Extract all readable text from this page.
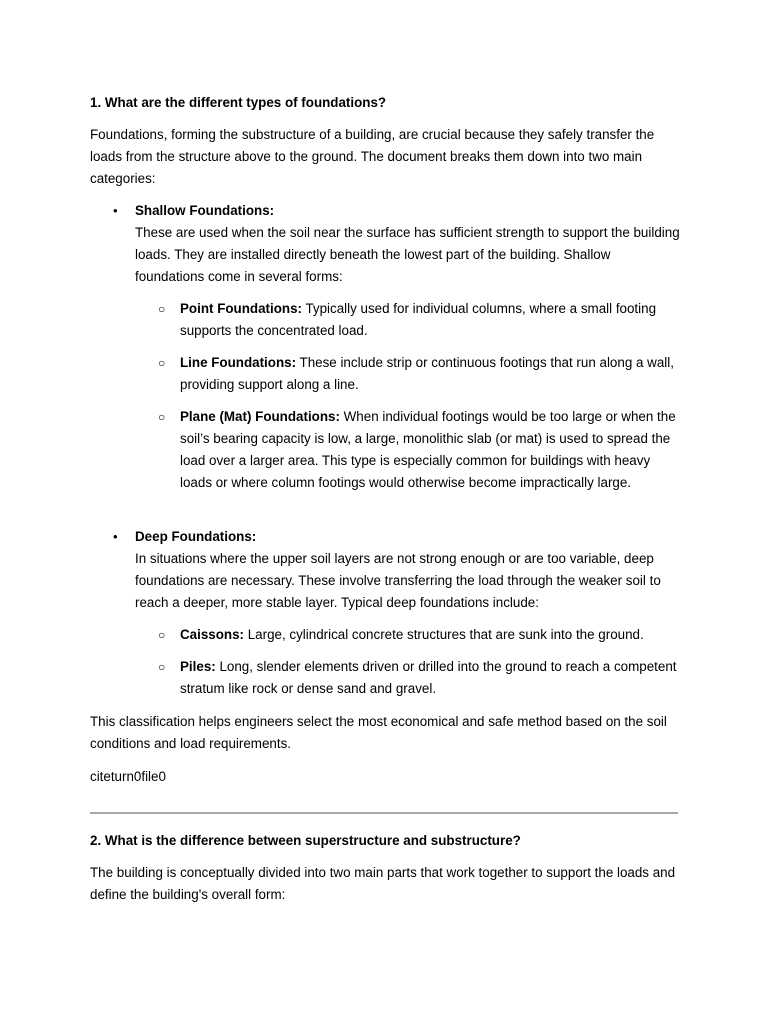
1. What are the different types of foundations?

Foundations, forming the substructure of a building, are crucial because they safely transfer the loads from the structure above to the ground. The document breaks them down into two main categories:

• Shallow Foundations:

These are used when the soil near the surface has sufficient strength to support the building loads. They are installed directly beneath the lowest part of the building. Shallow foundations come in several forms:

○ Point Foundations: Typically used for individual columns, where a small footing supports the concentrated load.

○ Line Foundations: These include strip or continuous footings that run along a wall, providing support along a line.

○ Plane (Mat) Foundations: When individual footings would be too large or when the soil’s bearing capacity is low, a large, monolithic slab (or mat) is used to spread the load over a larger area. This type is especially common for buildings with heavy loads or where column footings would otherwise become impractically large.

• Deep Foundations:

In situations where the upper soil layers are not strong enough or are too variable, deep foundations are necessary. These involve transferring the load through the weaker soil to reach a deeper, more stable layer. Typical deep foundations include:

○ Caissons: Large, cylindrical concrete structures that are sunk into the ground.

○ Piles: Long, slender elements driven or drilled into the ground to reach a competent stratum like rock or dense sand and gravel.

This classification helps engineers select the most economical and safe method based on the soil conditions and load requirements.

citeturn0file0

2. What is the difference between superstructure and substructure?

The building is conceptually divided into two main parts that work together to support the loads and define the building's overall form:
